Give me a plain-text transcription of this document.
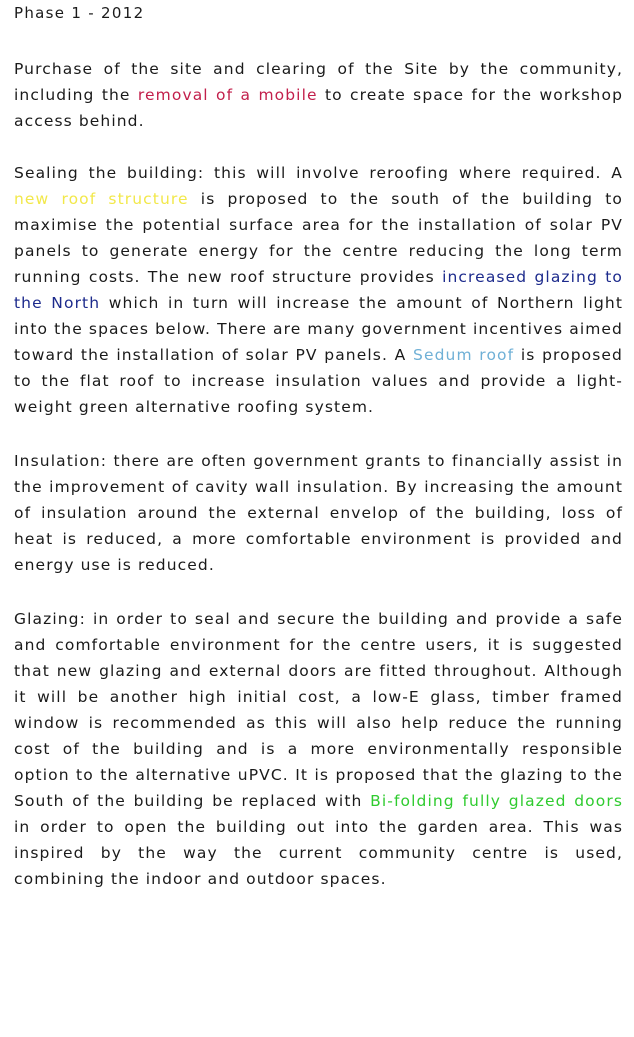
Phase 1 - 2012

Purchase of the site and clearing of the Site by the community, including the removal of a mobile to create space for the workshop access behind.

Sealing the building: this will involve reroofing where required. A new roof structure is proposed to the south of the building to maximise the potential surface area for the installation of solar PV panels to generate energy for the centre reducing the long term running costs. The new roof structure provides increased glazing to the North which in turn will increase the amount of Northern light into the spaces below. There are many government incentives aimed toward the installation of solar PV panels. A Sedum roof is proposed to the flat roof to increase insulation values and provide a light-weight green alternative roofing system.

Insulation: there are often government grants to financially assist in the improvement of cavity wall insulation. By increasing the amount of insulation around the external envelop of the building, loss of heat is reduced, a more comfortable environment is provided and energy use is reduced.

Glazing: in order to seal and secure the building and provide a safe and comfortable environment for the centre users, it is suggested that new glazing and external doors are fitted throughout. Although it will be another high initial cost, a low-E glass, timber framed window is recommended as this will also help reduce the running cost of the building and is a more environmentally responsible option to the alternative uPVC. It is proposed that the glazing to the South of the building be replaced with Bi-folding fully glazed doors in order to open the building out into the garden area. This was inspired by the way the current community centre is used, combining the indoor and outdoor spaces.
